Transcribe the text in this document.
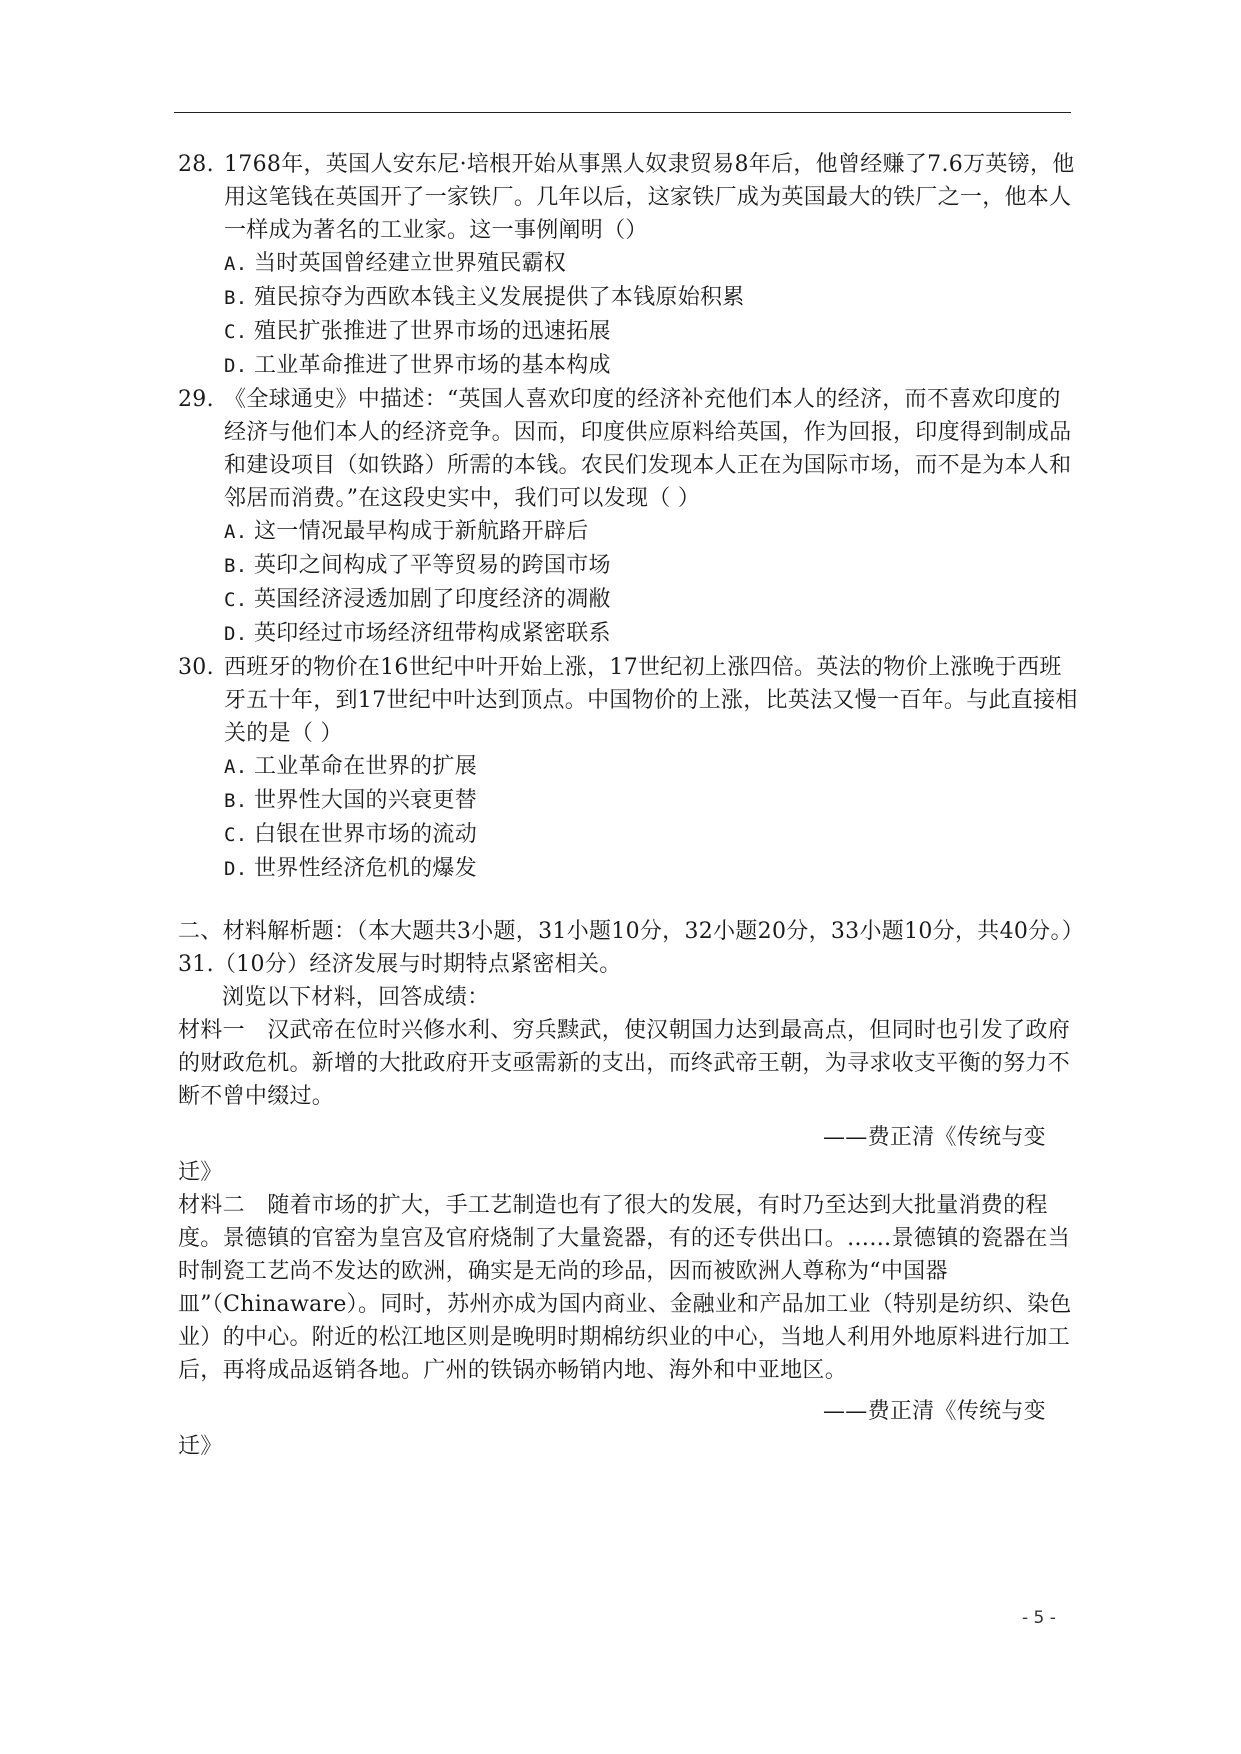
28. 1768年，英国人安东尼·培根开始从事黑人奴隶贸易8年后，他曾经赚了7.6万英镑，他用这笔钱在英国开了一家铁厂。几年以后，这家铁厂成为英国最大的铁厂之一，他本人一样成为著名的工业家。这一事例阐明（）
A. 当时英国曾经建立世界殖民霸权
B. 殖民掠夺为西欧本钱主义发展提供了本钱原始积累
C. 殖民扩张推进了世界市场的迅速拓展
D. 工业革命推进了世界市场的基本构成
29. 《全球通史》中描述：“英国人喜欢印度的经济补充他们本人的经济，而不喜欢印度的经济与他们本人的经济竞争。因而，印度供应原料给英国，作为回报，印度得到制成品和建设项目（如铁路）所需的本钱。农民们发现本人正在为国际市场，而不是为本人和邻居而消费。”在这段史实中，我们可以发现（ ）
A. 这一情况最早构成于新航路开辟后
B. 英印之间构成了平等贸易的跨国市场
C. 英国经济浸透加剧了印度经济的凋敝
D. 英印经过市场经济纽带构成紧密联系
30. 西班牙的物价在16世纪中叶开始上涨，17世纪初上涨四倍。英法的物价上涨晚于西班牙五十年，到17世纪中叶达到顶点。中国物价的上涨，比英法又慢一百年。与此直接相关的是（ ）
A. 工业革命在世界的扩展
B. 世界性大国的兴衰更替
C. 白银在世界市场的流动
D. 世界性经济危机的爆发
二、材料解析题：（本大题共3小题，31小题10分，32小题20分，33小题10分，共40分。）
31.（10分）经济发展与时期特点紧密相关。
浏览以下材料，回答成绩：
材料一　汉武帝在位时兴修水利、穷兵黩武，使汉朝国力达到最高点，但同时也引发了政府的财政危机。新增的大批政府开支亟需新的支出，而终武帝王朝，为寻求收支平衡的努力不断不曾中缀过。
——费正清《传统与变
迁》
材料二　随着市场的扩大，手工艺制造也有了很大的发展，有时乃至达到大批量消费的程度。景德镇的官窑为皇宫及官府烧制了大量瓷器，有的还专供出口。……景德镇的瓷器在当时制瓷工艺尚不发达的欧洲，确实是无尚的珍品，因而被欧洲人尊称为“中国器皿”（Chinaware）。同时，苏州亦成为国内商业、金融业和产品加工业（特别是纺织、染色业）的中心。附近的松江地区则是晚明时期棉纺织业的中心，当地人利用外地原料进行加工后，再将成品返销各地。广州的铁锅亦畅销内地、海外和中亚地区。
——费正清《传统与变
迁》
- 5 -
